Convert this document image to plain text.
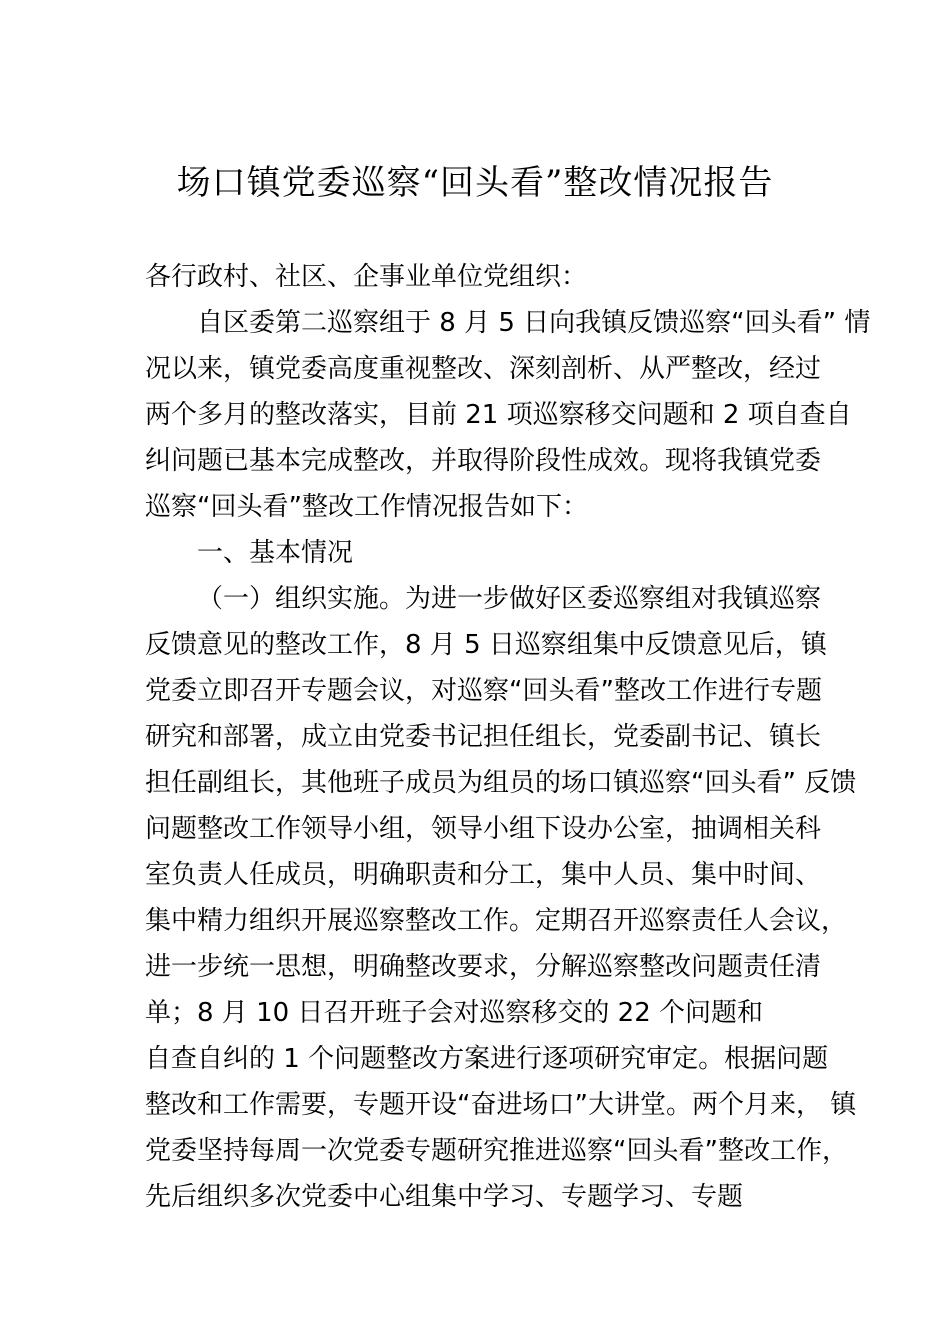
场口镇党委巡察“回头看”整改情况报告
各行政村、社区、企事业单位党组织：
自区委第二巡察组于 8 月 5 日向我镇反馈巡察“回头看” 情
况以来，镇党委高度重视整改、深刻剖析、从严整改，经过
两个多月的整改落实，目前 21 项巡察移交问题和 2 项自查自
纠问题已基本完成整改，并取得阶段性成效。现将我镇党委
巡察“回头看”整改工作情况报告如下：
一、基本情况
（一）组织实施。为进一步做好区委巡察组对我镇巡察
反馈意见的整改工作，8 月 5 日巡察组集中反馈意见后，镇
党委立即召开专题会议，对巡察“回头看”整改工作进行专题
研究和部署，成立由党委书记担任组长，党委副书记、镇长
担任副组长，其他班子成员为组员的场口镇巡察“回头看” 反馈
问题整改工作领导小组，领导小组下设办公室，抽调相关科
室负责人任成员，明确职责和分工，集中人员、集中时间、
集中精力组织开展巡察整改工作。定期召开巡察责任人会议，
进一步统一思想，明确整改要求，分解巡察整改问题责任清
单；8 月 10 日召开班子会对巡察移交的 22 个问题和
自查自纠的 1 个问题整改方案进行逐项研究审定。根据问题
整改和工作需要，专题开设“奋进场口”大讲堂。两个月来， 镇
党委坚持每周一次党委专题研究推进巡察“回头看”整改工作，
先后组织多次党委中心组集中学习、专题学习、专题
